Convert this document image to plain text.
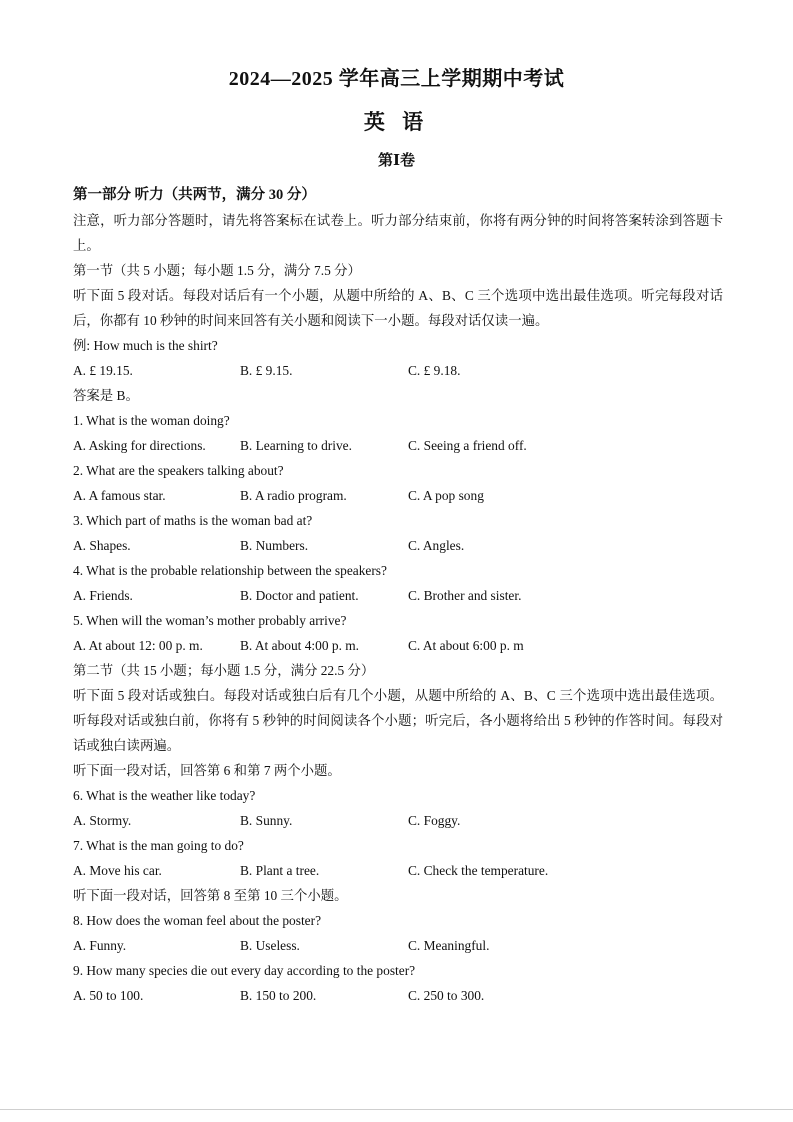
2024—2025 学年高三上学期期中考试
英 语
第Ⅰ卷
第一部分 听力（共两节，满分 30 分）
注意，听力部分答题时，请先将答案标在试卷上。听力部分结束前，你将有两分钟的时间将答案转涂到答题卡上。
第一节（共 5 小题；每小题 1.5 分，满分 7.5 分）
听下面 5 段对话。每段对话后有一个小题，从题中所给的 A、B、C 三个选项中选出最佳选项。听完每段对话后，你都有 10 秒钟的时间来回答有关小题和阅读下一小题。每段对话仅读一遍。
例: How much is the shirt?
A. £ 19.15.	B. £ 9.15.	C. £ 9.18.
答案是 B。
1. What is the woman doing?
A. Asking for directions.	B. Learning to drive.	C. Seeing a friend off.
2. What are the speakers talking about?
A. A famous star.	B. A radio program.	C. A pop song
3. Which part of maths is the woman bad at?
A. Shapes.	B. Numbers.	C. Angles.
4. What is the probable relationship between the speakers?
A. Friends.	B. Doctor and patient.	C. Brother and sister.
5. When will the woman’s mother probably arrive?
A. At about 12: 00 p. m.	B. At about 4:00 p. m.	C. At about 6:00 p. m
第二节（共 15 小题；每小题 1.5 分，满分 22.5 分）
听下面 5 段对话或独白。每段对话或独白后有几个小题，从题中所给的 A、B、C 三个选项中选出最佳选项。听每段对话或独白前，你将有 5 秒钟的时间阅读各个小题；听完后，各小题将给出 5 秒钟的作答时间。每段对话或独白读两遍。
听下面一段对话，回答第 6 和第 7 两个小题。
6. What is the weather like today?
A. Stormy.	B. Sunny.	C. Foggy.
7. What is the man going to do?
A. Move his car.	B. Plant a tree.	C. Check the temperature.
听下面一段对话，回答第 8 至第 10 三个小题。
8. How does the woman feel about the poster?
A. Funny.	B. Useless.	C. Meaningful.
9. How many species die out every day according to the poster?
A. 50 to 100.	B. 150 to 200.	C. 250 to 300.
